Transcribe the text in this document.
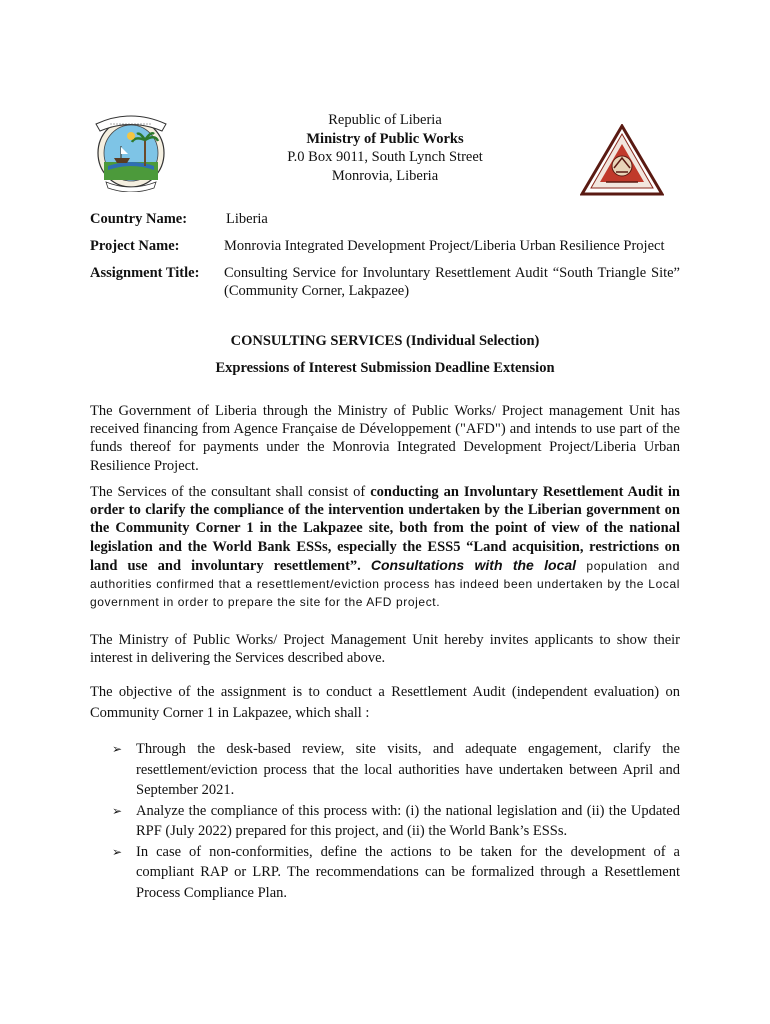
Republic of Liberia
Ministry of Public Works
P.0 Box 9011, South Lynch Street
Monrovia, Liberia
Country Name:	Liberia
Project Name:	Monrovia Integrated Development Project/Liberia Urban Resilience Project
Assignment Title: Consulting Service for Involuntary Resettlement Audit “South Triangle Site” (Community Corner, Lakpazee)
CONSULTING SERVICES (Individual Selection)
Expressions of Interest Submission Deadline Extension
The Government of Liberia through the Ministry of Public Works/ Project management Unit has received financing from Agence Française de Développement ("AFD") and intends to use part of the funds thereof for payments under the Monrovia Integrated Development Project/Liberia Urban Resilience Project.
The Services of the consultant shall consist of conducting an Involuntary Resettlement Audit in order to clarify the compliance of the intervention undertaken by the Liberian government on the Community Corner 1 in the Lakpazee site, both from the point of view of the national legislation and the World Bank ESSs, especially the ESS5 “Land acquisition, restrictions on land use and involuntary resettlement”. Consultations with the local population and authorities confirmed that a resettlement/eviction process has indeed been undertaken by the Local government in order to prepare the site for the AFD project.
The Ministry of Public Works/ Project Management Unit hereby invites applicants to show their interest in delivering the Services described above.
The objective of the assignment is to conduct a Resettlement Audit (independent evaluation) on Community Corner 1 in Lakpazee, which shall :
➢ Through the desk-based review, site visits, and adequate engagement, clarify the resettlement/eviction process that the local authorities have undertaken between April and September 2021.
➢ Analyze the compliance of this process with: (i) the national legislation and (ii) the Updated RPF (July 2022) prepared for this project, and (ii) the World Bank’s ESSs.
➢ In case of non-conformities, define the actions to be taken for the development of a compliant RAP or LRP. The recommendations can be formalized through a Resettlement Process Compliance Plan.
